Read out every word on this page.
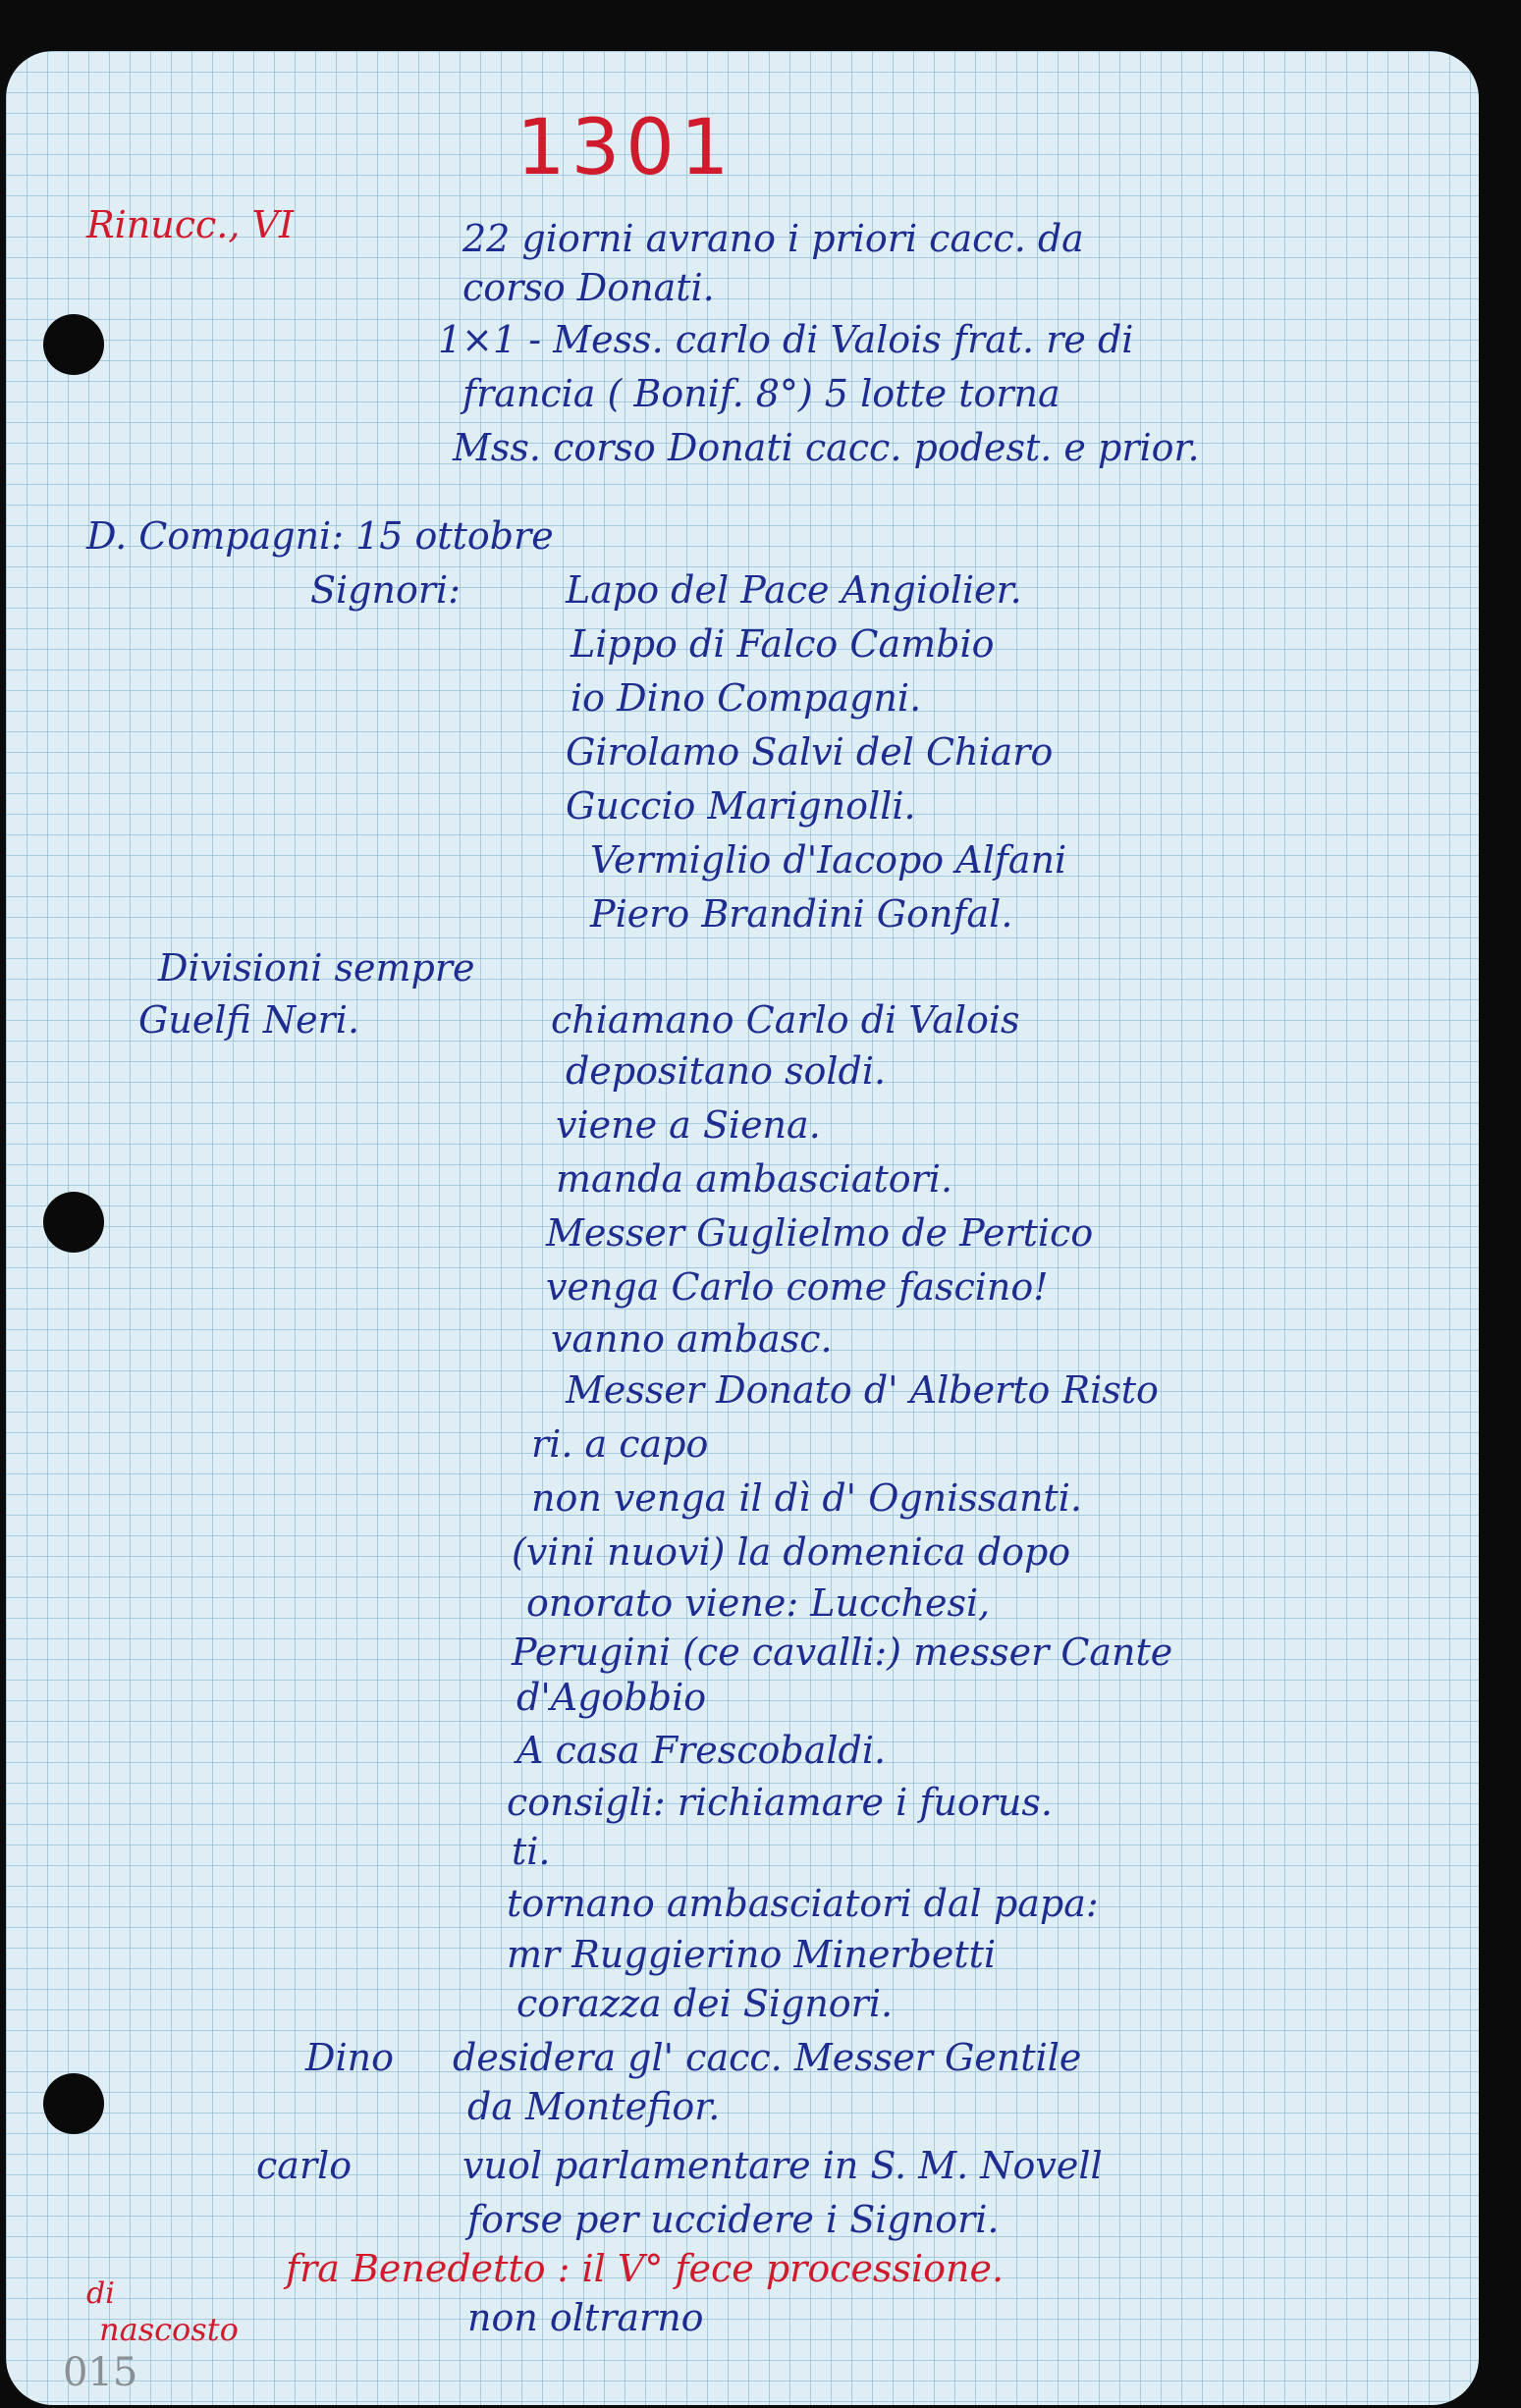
1301
Rinucc., VI	22 giorni avrano i priori cacc. da
corso Donati.
1×1 - Mess. carlo di Valois frat. re di
francia ( Bonif. 8°) 5 lotte torna
Mss. corso Donati cacc. podest. e prior.
D. Compagni: 15 ottobre
Signori:	Lapo del Pace Angiolier.
Lippo di Falco Cambio
io Dino Compagni.
Girolamo Salvi del Chiaro
Guccio Marignolli.
Vermiglio d'Iacopo Alfani
Piero Brandini Gonfal.
Divisioni sempre
Guelfi Neri.	chiamano Carlo di Valois
depositano soldi.
viene a Siena.
manda ambasciatori.
Messer Guglielmo de Pertico
venga Carlo come fascino!
vanno ambasc.
Messer Donato d' Alberto Risto
ri. a capo
non venga il dì d' Ognissanti.
(vini nuovi) la domenica dopo
onorato viene: Lucchesi,
Perugini (ce cavalli:) messer Cante
d'Agobbio
A casa Frescobaldi.
consigli: richiamare i fuorus.
ti.
tornano ambasciatori dal papa:
mr Ruggierino Minerbetti
corazza dei Signori.
Dino desidera gl' cacc. Messer Gentile
da Montefior.
carlo	vuol parlamentare in S. M. Novell
forse per uccidere i Signori.
fra Benedetto : il V° fece processione.
di
nascosto	non oltrarno
015
